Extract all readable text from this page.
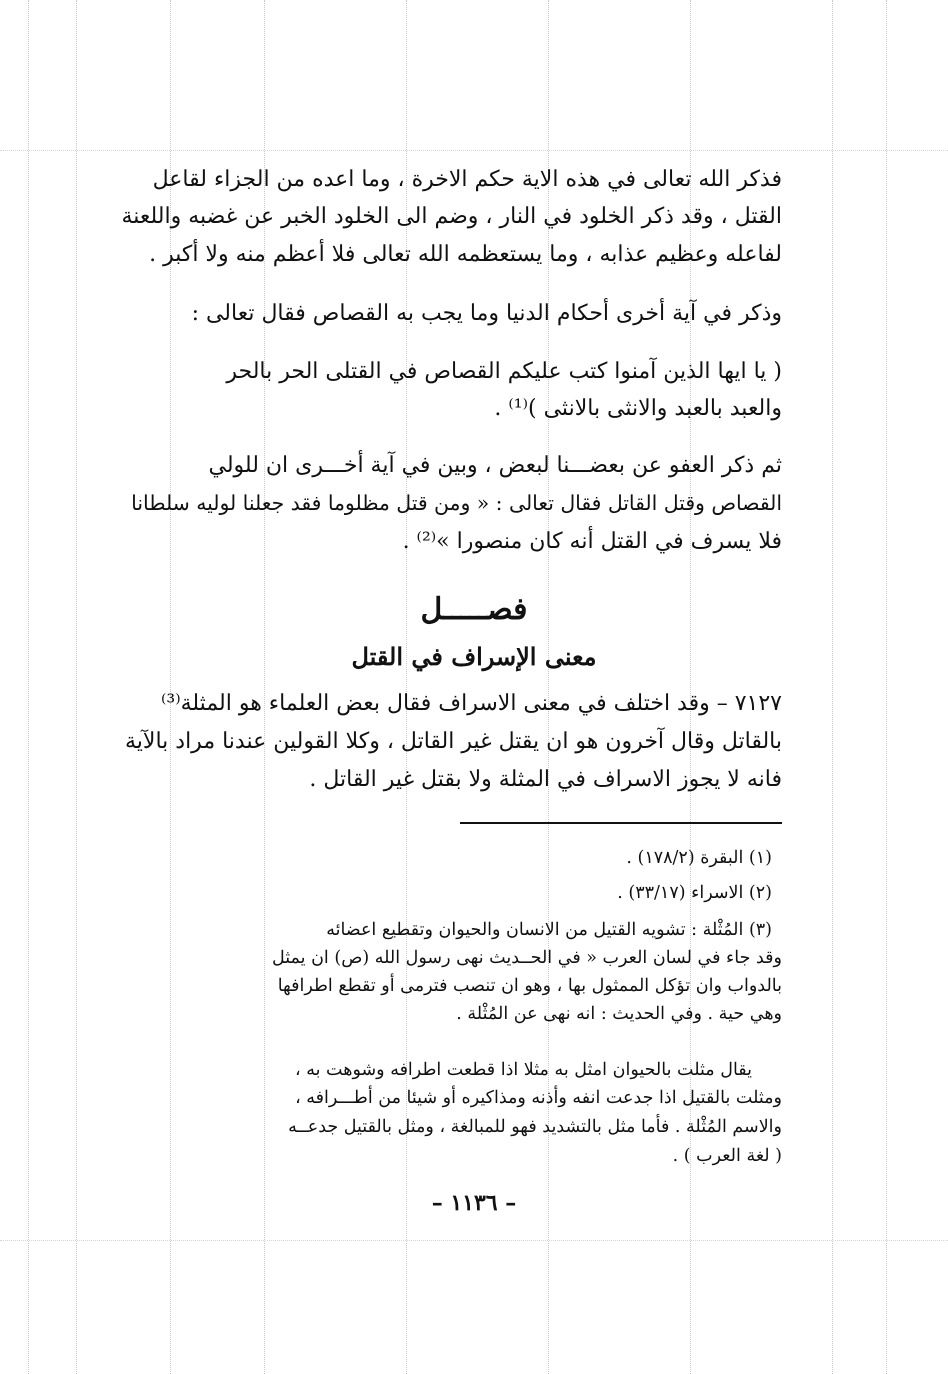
فذكر الله تعالى في هذه الاية حكم الاخرة ، وما اعده من الجزاء لقاعل
القتل ، وقد ذكر الخلود في النار ، وضم الى الخلود الخبر عن غضبه واللعنة
لفاعله وعظيم عذابه ، وما يستعظمه الله تعالى فلا أعظم منه ولا أكبر .
وذكر في آية أخرى أحكام الدنيا وما يجب به القصاص فقال تعالى :
( يا ايها الذين آمنوا كتب عليكم القصاص في القتلى الحر بالحر
والعبد بالعبد والانثى بالانثى )⁽¹⁾ .
ثم ذكر العفو عن بعضـــنا لبعض ، وبين في آية أخـــرى ان للولي
القصاص وقتل القاتل فقال تعالى : « ومن قتل مظلوما فقد جعلنا لوليه سلطانا
فلا يسرف في القتل أنه كان منصورا »⁽²⁾ .
فصـــــل
معنى الإسراف في القتل
٧١٢٧ – وقد اختلف في معنى الاسراف فقال بعض العلماء هو المثلة⁽³⁾
بالقاتل وقال آخرون هو ان يقتل غير القاتل ، وكلا القولين عندنا مراد بالآية
فانه لا يجوز الاسراف في المثلة ولا بقتل غير القاتل .
(١) البقرة (١٧٨/٢) .
(٢) الاسراء (٣٣/١٧) .
(٣) المُثْلة : تشويه القتيل من الانسان والحيوان وتقطيع اعضائه
وقد جاء في لسان العرب « في الحــديث نهى رسول الله (ص) ان يمثل
بالدواب وان تؤكل الممثول بها ، وهو ان تنصب فترمى أو تقطع اطرافها
وهي حية . وفي الحديث : انه نهى عن المُثْلة .
يقال مثلت بالحيوان امثل به مثلا اذا قطعت اطرافه وشوهت به ،
ومثلت بالقتيل اذا جدعت انفه وأذنه ومذاكيره أو شيئا من أطـــرافه ،
والاسم المُثْلة . فأما مثل بالتشديد فهو للمبالغة ، ومثل بالقتيل جدعــه
( لغة العرب ) .
– ١١٣٦ –
